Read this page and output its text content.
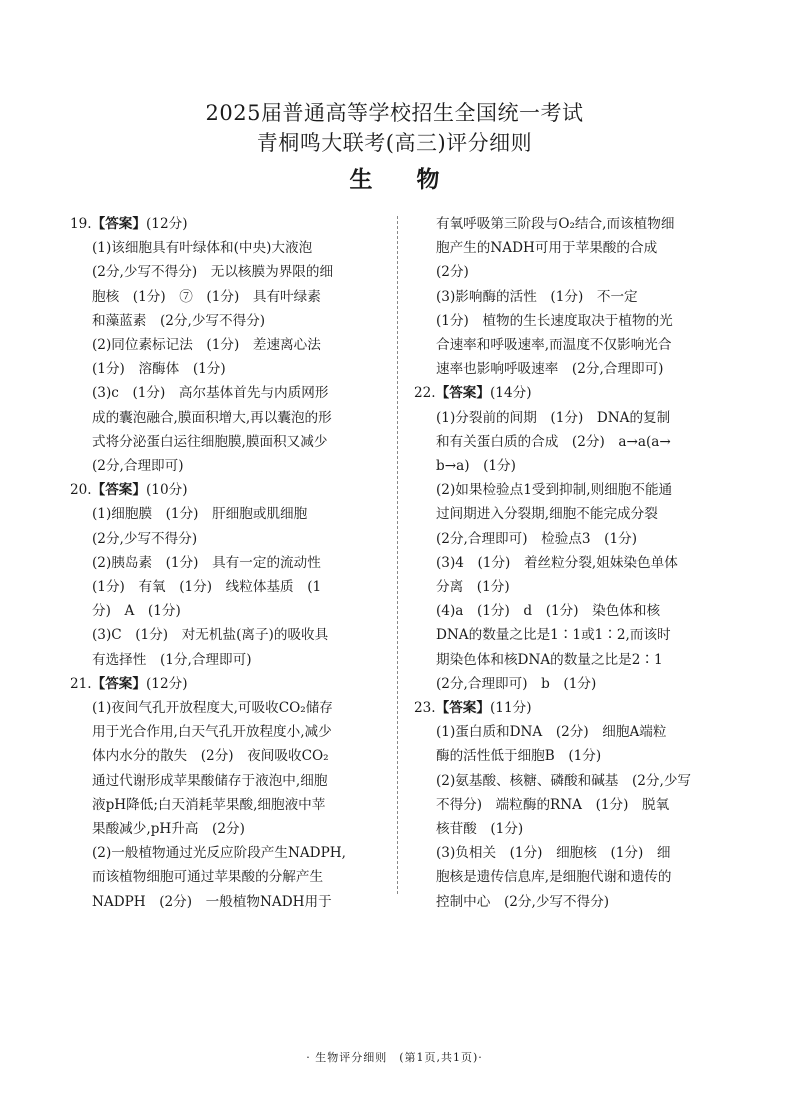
2025届普通高等学校招生全国统一考试
青桐鸣大联考(高三)评分细则
生 物
19.【答案】(12分)
(1)该细胞具有叶绿体和(中央)大液泡
(2分,少写不得分)　无以核膜为界限的细
胞核　(1分)　⑦　(1分)　具有叶绿素
和藻蓝素　(2分,少写不得分)
(2)同位素标记法　(1分)　差速离心法
(1分)　溶酶体　(1分)
(3)c　(1分)　高尔基体首先与内质网形
成的囊泡融合,膜面积增大,再以囊泡的形
式将分泌蛋白运往细胞膜,膜面积又减少
(2分,合理即可)
20.【答案】(10分)
(1)细胞膜　(1分)　肝细胞或肌细胞
(2分,少写不得分)
(2)胰岛素　(1分)　具有一定的流动性
(1分)　有氧　(1分)　线粒体基质　(1
分)　A　(1分)
(3)C　(1分)　对无机盐(离子)的吸收具
有选择性　(1分,合理即可)
21.【答案】(12分)
(1)夜间气孔开放程度大,可吸收CO₂储存
用于光合作用,白天气孔开放程度小,减少
体内水分的散失　(2分)　夜间吸收CO₂
通过代谢形成苹果酸储存于液泡中,细胞
液pH降低;白天消耗苹果酸,细胞液中苹
果酸减少,pH升高　(2分)
(2)一般植物通过光反应阶段产生NADPH,
而该植物细胞可通过苹果酸的分解产生
NADPH　(2分)　一般植物NADH用于
有氧呼吸第三阶段与O₂结合,而该植物细
胞产生的NADH可用于苹果酸的合成
(2分)
(3)影响酶的活性　(1分)　不一定
(1分)　植物的生长速度取决于植物的光
合速率和呼吸速率,而温度不仅影响光合
速率也影响呼吸速率　(2分,合理即可)
22.【答案】(14分)
(1)分裂前的间期　(1分)　DNA的复制
和有关蛋白质的合成　(2分)　a→a(a→
b→a)　(1分)
(2)如果检验点1受到抑制,则细胞不能通
过间期进入分裂期,细胞不能完成分裂
(2分,合理即可)　检验点3　(1分)
(3)4　(1分)　着丝粒分裂,姐妹染色单体
分离　(1分)
(4)a　(1分)　d　(1分)　染色体和核
DNA的数量之比是1∶1或1∶2,而该时
期染色体和核DNA的数量之比是2∶1
(2分,合理即可)　b　(1分)
23.【答案】(11分)
(1)蛋白质和DNA　(2分)　细胞A端粒
酶的活性低于细胞B　(1分)
(2)氨基酸、核糖、磷酸和碱基　(2分,少写
不得分)　端粒酶的RNA　(1分)　脱氧
核苷酸　(1分)
(3)负相关　(1分)　细胞核　(1分)　细
胞核是遗传信息库,是细胞代谢和遗传的
控制中心　(2分,少写不得分)
· 生物评分细则　(第1页,共1页)·
